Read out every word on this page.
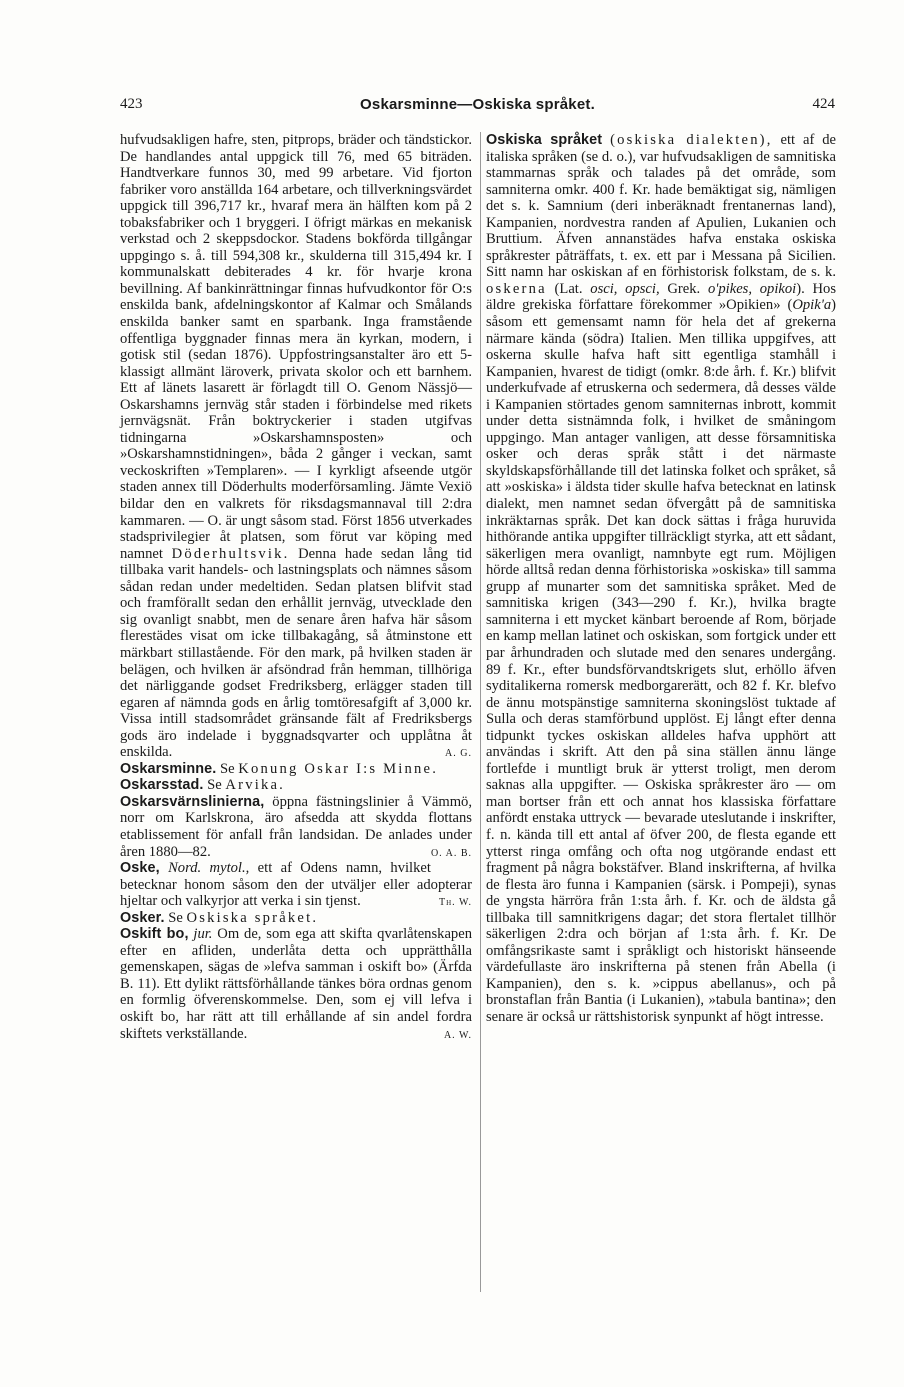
423	Oskarsminne—Oskiska språket.	424

hufvudsakligen hafre, sten, pitprops, bräder och tändstickor. De handlandes antal uppgick till 76, med 65 biträden. Handtverkare funnos 30, med 99 arbetare. Vid fjorton fabriker voro anställda 164 arbetare, och tillverkningsvärdet uppgick till 396,717 kr., hvaraf mera än hälften kom på 2 tobaksfabriker och 1 bryggeri. I öfrigt märkas en mekanisk verkstad och 2 skeppsdockor. Stadens bokförda tillgångar uppgingo s. å. till 594,308 kr., skulderna till 315,494 kr. I kommunalskatt debiterades 4 kr. för hvarje krona bevillning. Af bankinrättningar finnas hufvudkontor för O:s enskilda bank, afdelningskontor af Kalmar och Smålands enskilda banker samt en sparbank. Inga framstående offentliga byggnader finnas mera än kyrkan, modern, i gotisk stil (sedan 1876). Uppfostringsanstalter äro ett 5-klassigt allmänt läroverk, privata skolor och ett barnhem. Ett af länets lasarett är förlagdt till O. Genom Nässjö—Oskarshamns jernväg står staden i förbindelse med rikets jernvägsnät. Från boktryckerier i staden utgifvas tidningarna »Oskarshamnsposten» och »Oskarshamnstidningen», båda 2 gånger i veckan, samt veckoskriften »Templaren». — I kyrkligt afseende utgör staden annex till Döderhults moderförsamling. Jämte Vexiö bildar den en valkrets för riksdagsmannaval till 2:dra kammaren. — O. är ungt såsom stad. Först 1856 utverkades stadsprivilegier åt platsen, som förut var köping med namnet Döderhultsvik. Denna hade sedan lång tid tillbaka varit handels- och lastningsplats och nämnes såsom sådan redan under medeltiden. Sedan platsen blifvit stad och framförallt sedan den erhållit jernväg, utvecklade den sig ovanligt snabbt, men de senare åren hafva här såsom flerestädes visat om icke tillbakagång, så åtminstone ett märkbart stillastående. För den mark, på hvilken staden är belägen, och hvilken är afsöndrad från hemman, tillhöriga det närliggande godset Fredriksberg, erlägger staden till egaren af nämnda gods en årlig tomtöresafgift af 3,000 kr. Vissa intill stadsområdet gränsande fält af Fredriksbergs gods äro indelade i byggnadsqvarter och upplåtna åt enskilda.	A. G.

Oskarsminne. Se Konung Oskar I:s Minne.

Oskarsstad. Se Arvika.

Oskarsvärnslinierna, öppna fästningslinier å Vämmö, norr om Karlskrona, äro afsedda att skydda flottans etablissement för anfall från landsidan. De anlades under åren 1880—82.	O. A. B.

Oske, Nord. mytol., ett af Odens namn, hvilket betecknar honom såsom den der utväljer eller adopterar hjeltar och valkyrjor att verka i sin tjenst.	Th. W.

Osker. Se Oskiska språket.

Oskift bo, jur. Om de, som ega att skifta qvarlåtenskapen efter en afliden, underlåta detta och upprätthålla gemenskapen, sägas de »lefva samman i oskift bo» (Ärfda B. 11). Ett dylikt rättsförhållande tänkes böra ordnas genom en formlig öfverenskommelse. Den, som ej vill lefva i oskift bo, har rätt att till erhållande af sin andel fordra skiftets verkställande.	A. W.

Oskiska språket (oskiska dialekten), ett af de italiska språken (se d. o.), var hufvudsakligen de samnitiska stammarnas språk och talades på det område, som samniterna omkr. 400 f. Kr. hade bemäktigat sig, nämligen det s. k. Samnium (deri inberäknadt frentanernas land), Kampanien, nordvestra randen af Apulien, Lukanien och Bruttium. Äfven annanstädes hafva enstaka oskiska språkrester påträffats, t. ex. ett par i Messana på Sicilien. Sitt namn har oskiskan af en förhistorisk folkstam, de s. k. oskerna (Lat. osci, opsci, Grek. o'pikes, opikoi). Hos äldre grekiska författare förekommer »Opikien» (Opik'a) såsom ett gemensamt namn för hela det af grekerna närmare kända (södra) Italien. Men tillika uppgifves, att oskerna skulle hafva haft sitt egentliga stamhåll i Kampanien, hvarest de tidigt (omkr. 8:de årh. f. Kr.) blifvit underkufvade af etruskerna och sedermera, då desses välde i Kampanien störtades genom samniternas inbrott, kommit under detta sistnämnda folk, i hvilket de småningom uppgingo. Man antager vanligen, att desse församnitiska osker och deras språk stått i det närmaste skyldskapsförhållande till det latinska folket och språket, så att »oskiska» i äldsta tider skulle hafva betecknat en latinsk dialekt, men namnet sedan öfvergått på de samnitiska inkräktarnas språk. Det kan dock sättas i fråga huruvida hithörande antika uppgifter tillräckligt styrka, att ett sådant, säkerligen mera ovanligt, namnbyte egt rum. Möjligen hörde alltså redan denna förhistoriska »oskiska» till samma grupp af munarter som det samnitiska språket. Med de samnitiska krigen (343—290 f. Kr.), hvilka bragte samniterna i ett mycket känbart beroende af Rom, började en kamp mellan latinet och oskiskan, som fortgick under ett par århundraden och slutade med den senares undergång. 89 f. Kr., efter bundsförvandtskrigets slut, erhöllo äfven syditalikerna romersk medborgarerätt, och 82 f. Kr. blefvo de ännu motspänstige samniterna skoningslöst tuktade af Sulla och deras stamförbund upplöst. Ej långt efter denna tidpunkt tyckes oskiskan alldeles hafva upphört att användas i skrift. Att den på sina ställen ännu länge fortlefde i muntligt bruk är ytterst troligt, men derom saknas alla uppgifter. — Oskiska språkrester äro — om man bortser från ett och annat hos klassiska författare anfördt enstaka uttryck — bevarade uteslutande i inskrifter, f. n. kända till ett antal af öfver 200, de flesta egande ett ytterst ringa omfång och ofta nog utgörande endast ett fragment på några bokstäfver. Bland inskrifterna, af hvilka de flesta äro funna i Kampanien (särsk. i Pompeji), synas de yngsta härröra från 1:sta årh. f. Kr. och de äldsta gå tillbaka till samnitkrigens dagar; det stora flertalet tillhör säkerligen 2:dra och början af 1:sta årh. f. Kr. De omfångsrikaste samt i språkligt och historiskt hänseende värdefullaste äro inskrifterna på stenen från Abella (i Kampanien), den s. k. »cippus abellanus», och på bronstaflan från Bantia (i Lukanien), »tabula bantina»; den senare är också ur rättshistorisk synpunkt af högt intresse.
